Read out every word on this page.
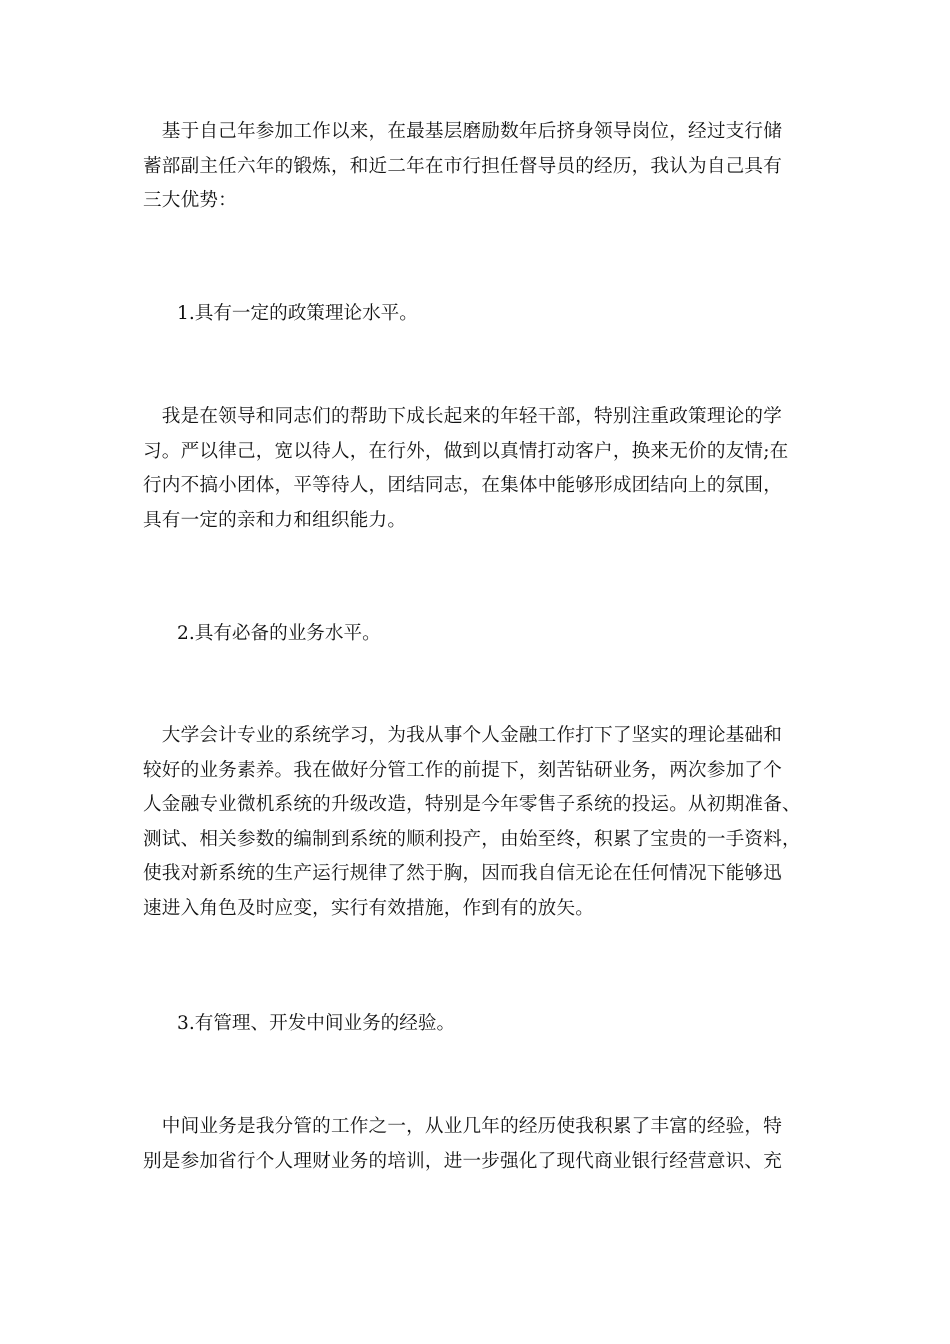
　基于自己年参加工作以来，在最基层磨励数年后挤身领导岗位，经过支行储
蓄部副主任六年的锻炼，和近二年在市行担任督导员的经历，我认为自己具有
三大优势：
1.具有一定的政策理论水平。
　我是在领导和同志们的帮助下成长起来的年轻干部，特别注重政策理论的学
习。严以律己，宽以待人，在行外，做到以真情打动客户，换来无价的友情;在
行内不搞小团体，平等待人，团结同志，在集体中能够形成团结向上的氛围，
具有一定的亲和力和组织能力。
2.具有必备的业务水平。
　大学会计专业的系统学习，为我从事个人金融工作打下了坚实的理论基础和
较好的业务素养。我在做好分管工作的前提下，刻苦钻研业务，两次参加了个
人金融专业微机系统的升级改造，特别是今年零售子系统的投运。从初期准备、
测试、相关参数的编制到系统的顺利投产，由始至终，积累了宝贵的一手资料，
使我对新系统的生产运行规律了然于胸，因而我自信无论在任何情况下能够迅
速进入角色及时应变，实行有效措施，作到有的放矢。
3.有管理、开发中间业务的经验。
　中间业务是我分管的工作之一，从业几年的经历使我积累了丰富的经验，特
别是参加省行个人理财业务的培训，进一步强化了现代商业银行经营意识、充
